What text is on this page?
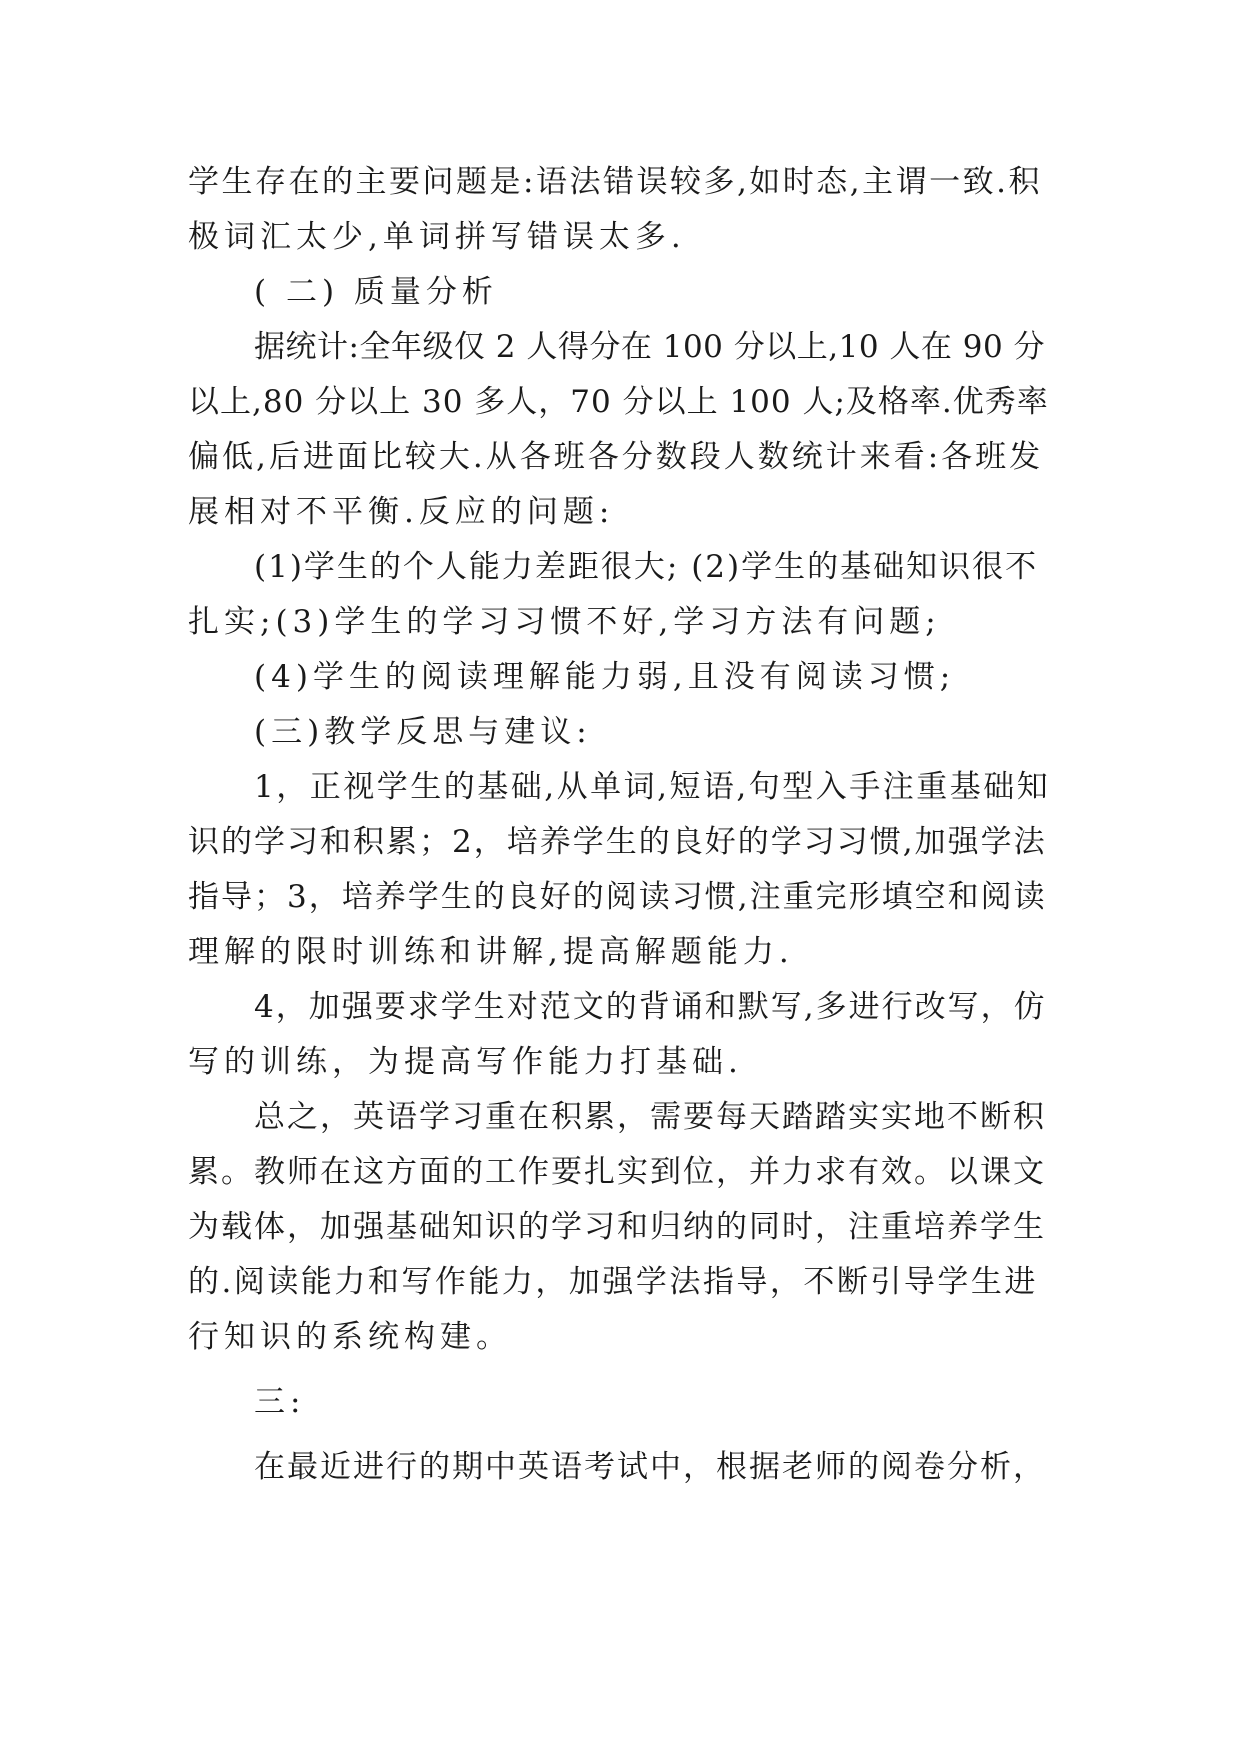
学生存在的主要问题是:语法错误较多,如时态,主谓一致.积
极词汇太少,单词拼写错误太多.
( 二) 质量分析
据统计:全年级仅 2 人得分在 100 分以上,10 人在 90 分
以上,80 分以上 30 多人，70 分以上 100 人;及格率.优秀率
偏低,后进面比较大.从各班各分数段人数统计来看:各班发
展相对不平衡.反应的问题:
(1)学生的个人能力差距很大; (2)学生的基础知识很不
扎实;(3)学生的学习习惯不好,学习方法有问题;
(4)学生的阅读理解能力弱,且没有阅读习惯;
(三)教学反思与建议:
1，正视学生的基础,从单词,短语,句型入手注重基础知
识的学习和积累；2，培养学生的良好的学习习惯,加强学法
指导；3，培养学生的良好的阅读习惯,注重完形填空和阅读
理解的限时训练和讲解,提高解题能力.
4，加强要求学生对范文的背诵和默写,多进行改写，仿
写的训练，为提高写作能力打基础.
总之，英语学习重在积累，需要每天踏踏实实地不断积
累。教师在这方面的工作要扎实到位，并力求有效。以课文
为载体，加强基础知识的学习和归纳的同时，注重培养学生
的.阅读能力和写作能力，加强学法指导，不断引导学生进
行知识的系统构建。
三:
在最近进行的期中英语考试中，根据老师的阅卷分析，
